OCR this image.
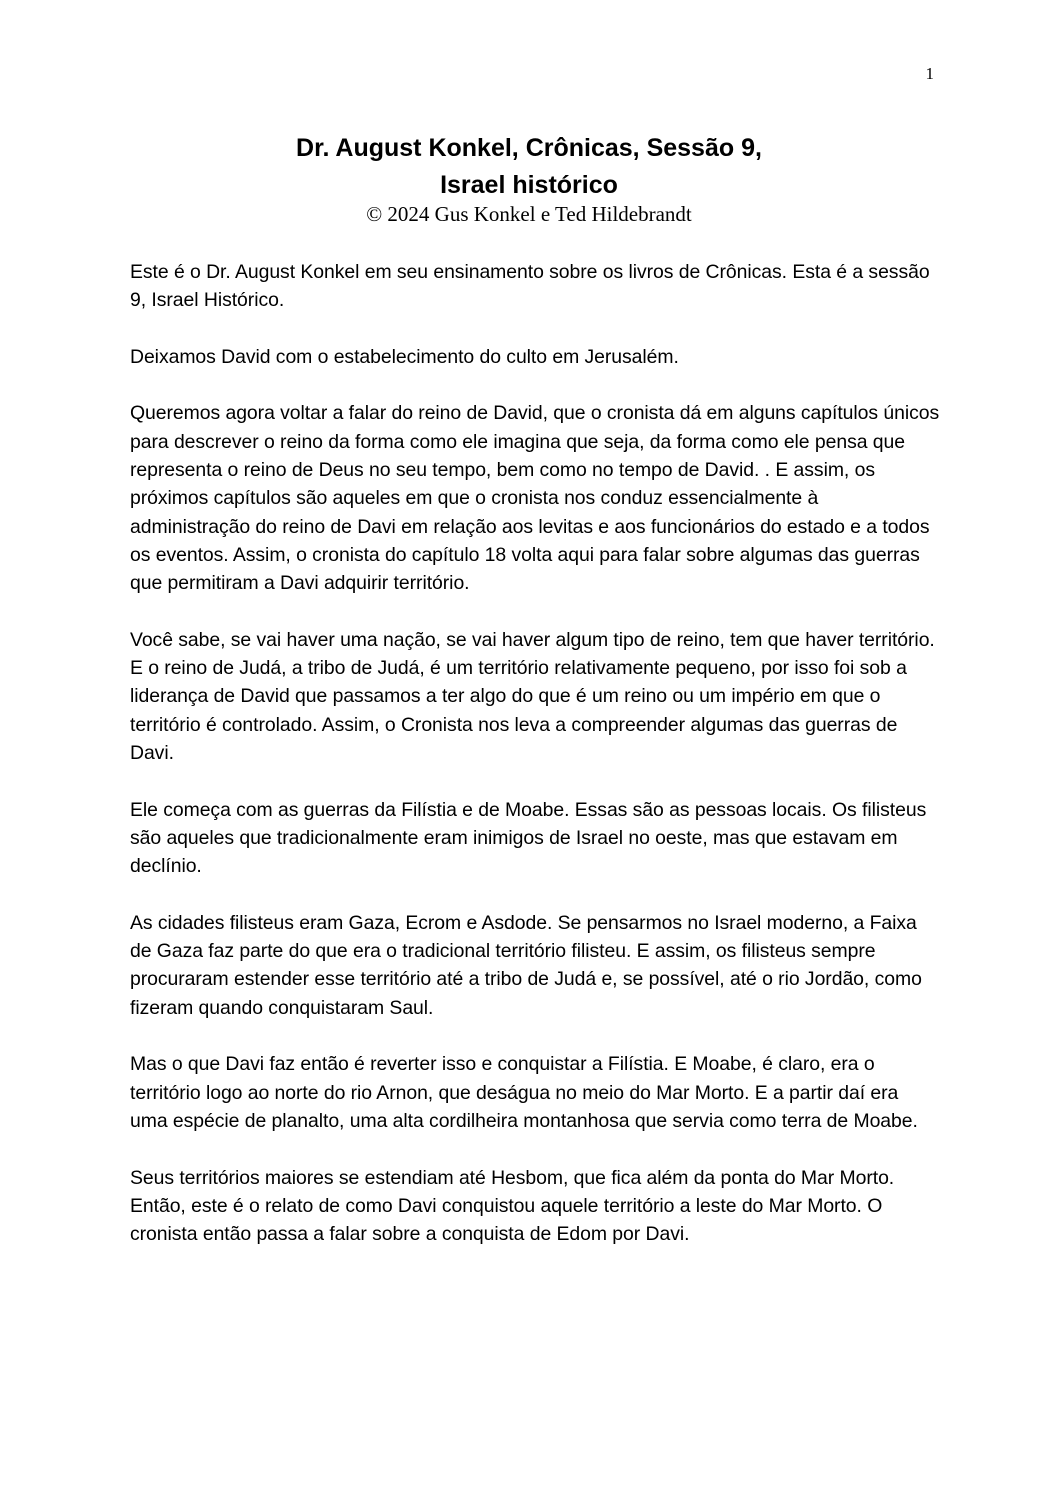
1

Dr. August Konkel, Crônicas, Sessão 9,

Israel histórico

© 2024 Gus Konkel e Ted Hildebrandt

Este é o Dr. August Konkel em seu ensinamento sobre os livros de Crônicas. Esta é a sessão 9, Israel Histórico.

Deixamos David com o estabelecimento do culto em Jerusalém.

Queremos agora voltar a falar do reino de David, que o cronista dá em alguns capítulos únicos para descrever o reino da forma como ele imagina que seja, da forma como ele pensa que representa o reino de Deus no seu tempo, bem como no tempo de David. . E assim, os próximos capítulos são aqueles em que o cronista nos conduz essencialmente à administração do reino de Davi em relação aos levitas e aos funcionários do estado e a todos os eventos. Assim, o cronista do capítulo 18 volta aqui para falar sobre algumas das guerras que permitiram a Davi adquirir território.

Você sabe, se vai haver uma nação, se vai haver algum tipo de reino, tem que haver território. E o reino de Judá, a tribo de Judá, é um território relativamente pequeno, por isso foi sob a liderança de David que passamos a ter algo do que é um reino ou um império em que o território é controlado. Assim, o Cronista nos leva a compreender algumas das guerras de Davi.

Ele começa com as guerras da Filístia e de Moabe. Essas são as pessoas locais. Os filisteus são aqueles que tradicionalmente eram inimigos de Israel no oeste, mas que estavam em declínio.

As cidades filisteus eram Gaza, Ecrom e Asdode. Se pensarmos no Israel moderno, a Faixa de Gaza faz parte do que era o tradicional território filisteu. E assim, os filisteus sempre procuraram estender esse território até a tribo de Judá e, se possível, até o rio Jordão, como fizeram quando conquistaram Saul.

Mas o que Davi faz então é reverter isso e conquistar a Filístia. E Moabe, é claro, era o território logo ao norte do rio Arnon, que deságua no meio do Mar Morto. E a partir daí era uma espécie de planalto, uma alta cordilheira montanhosa que servia como terra de Moabe.

Seus territórios maiores se estendiam até Hesbom, que fica além da ponta do Mar Morto. Então, este é o relato de como Davi conquistou aquele território a leste do Mar Morto. O cronista então passa a falar sobre a conquista de Edom por Davi.
